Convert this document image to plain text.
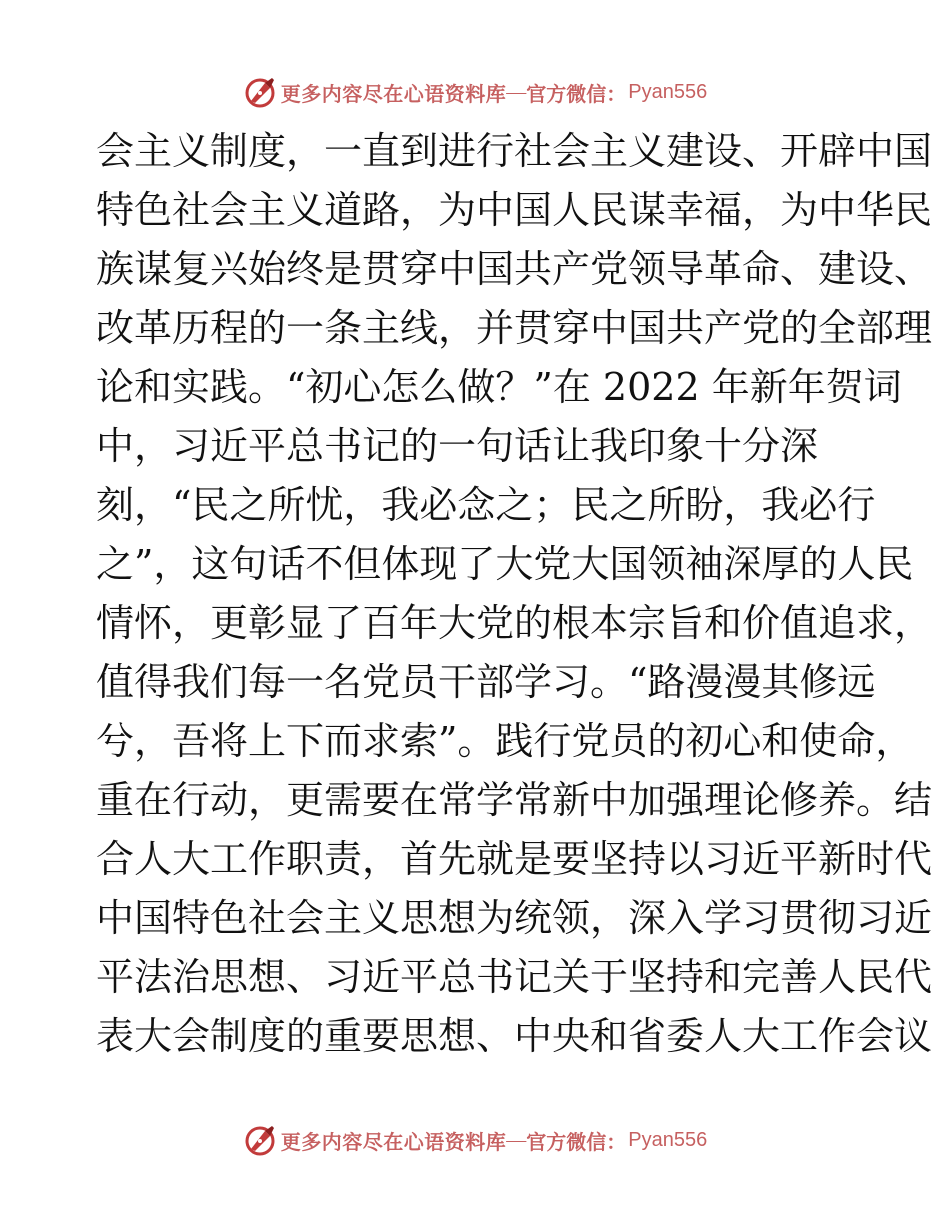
更多内容尽在心语资料库 — 官方微信： Pyan556
会主义制度，一直到进行社会主义建设、开辟中国
特色社会主义道路，为中国人民谋幸福，为中华民
族谋复兴始终是贯穿中国共产党领导革命、建设、
改革历程的一条主线，并贯穿中国共产党的全部理
论和实践。“初心怎么做？”在 2022 年新年贺词
中，习近平总书记的一句话让我印象十分深
刻，“民之所忧，我必念之；民之所盼，我必行
之”，这句话不但体现了大党大国领袖深厚的人民
情怀，更彰显了百年大党的根本宗旨和价值追求，
值得我们每一名党员干部学习。“路漫漫其修远
兮，吾将上下而求索”。践行党员的初心和使命，
重在行动，更需要在常学常新中加强理论修养。结
合人大工作职责，首先就是要坚持以习近平新时代
中国特色社会主义思想为统领，深入学习贯彻习近
平法治思想、习近平总书记关于坚持和完善人民代
表大会制度的重要思想、中央和省委人大工作会议
更多内容尽在心语资料库 — 官方微信： Pyan556
